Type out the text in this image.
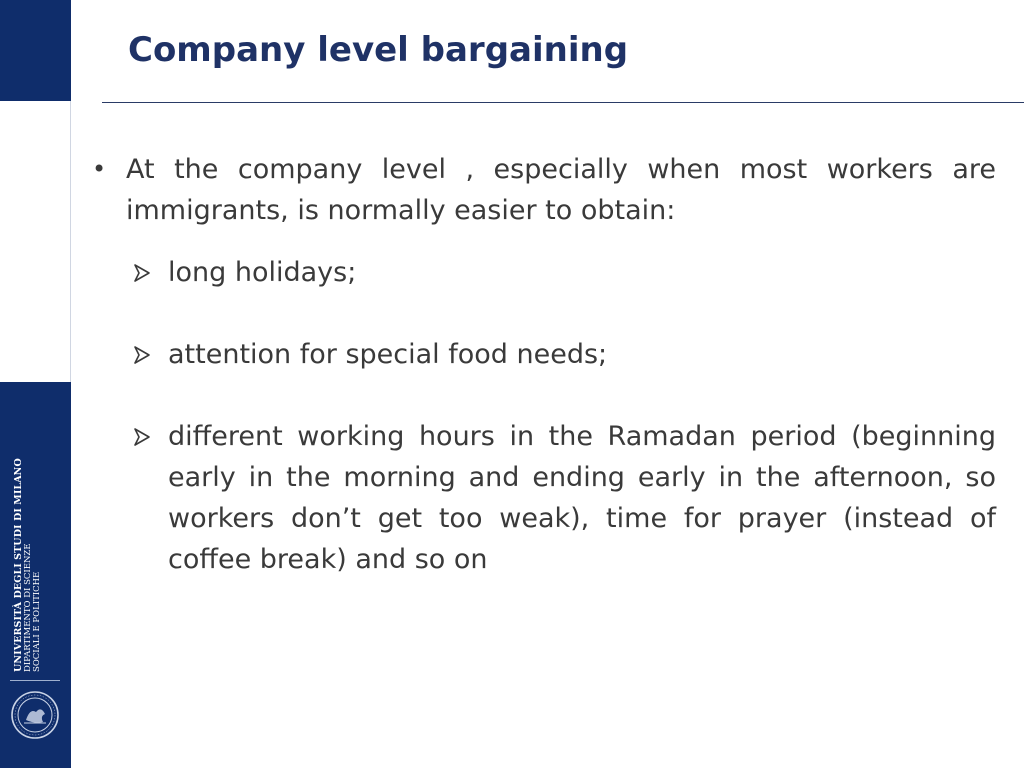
UNIVERSITÀ DEGLI STUDI DI MILANO
DIPARTIMENTO DI SCIENZE
SOCIALI E POLITICHE
Company level bargaining
• At the company level , especially when most workers are immigrants, is normally easier to obtain:
long holidays;
attention for special food needs;
different working hours in the Ramadan period (beginning early in the morning and ending early in the afternoon, so workers don’t get too weak), time for prayer (instead of coffee break) and so on
